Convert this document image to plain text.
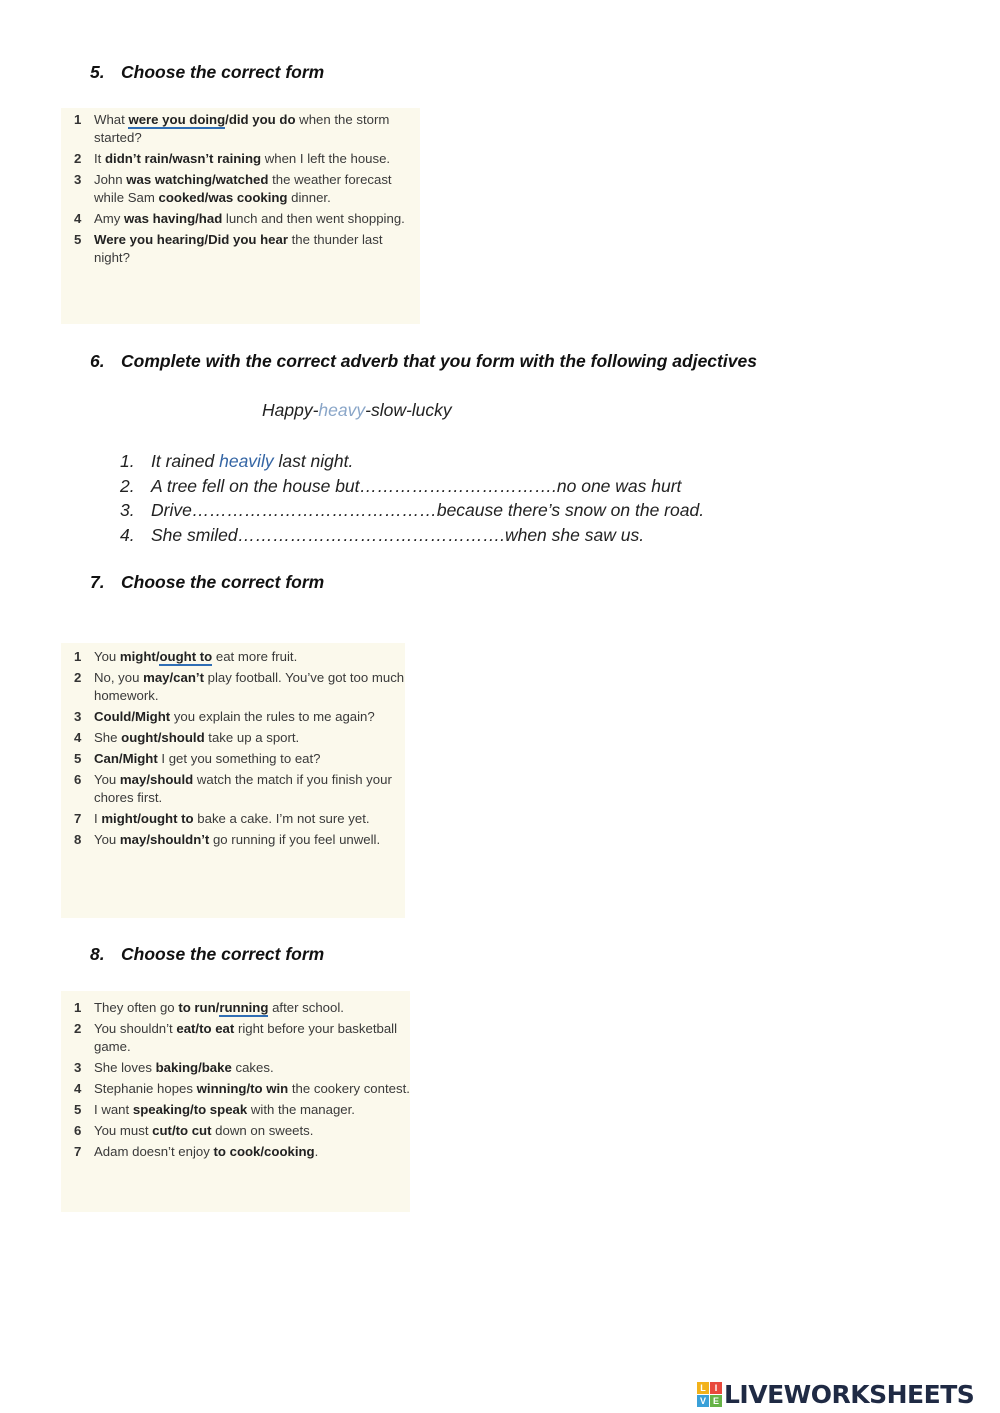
5. Choose the correct form
1 What were you doing/did you do when the storm started?
2 It didn’t rain/wasn’t raining when I left the house.
3 John was watching/watched the weather forecast while Sam cooked/was cooking dinner.
4 Amy was having/had lunch and then went shopping.
5 Were you hearing/Did you hear the thunder last night?
6. Complete with the correct adverb that you form with the following adjectives
Happy-heavy-slow-lucky
1. It rained heavily last night.
2. A tree fell on the house but…………………………….no one was hurt
3. Drive……………………………………because there’s snow on the road.
4. She smiled……………………………………….when she saw us.
7. Choose the correct form
1 You might/ought to eat more fruit.
2 No, you may/can’t play football. You’ve got too much homework.
3 Could/Might you explain the rules to me again?
4 She ought/should take up a sport.
5 Can/Might I get you something to eat?
6 You may/should watch the match if you finish your chores first.
7 I might/ought to bake a cake. I’m not sure yet.
8 You may/shouldn’t go running if you feel unwell.
8. Choose the correct form
1 They often go to run/running after school.
2 You shouldn’t eat/to eat right before your basketball game.
3 She loves baking/bake cakes.
4 Stephanie hopes winning/to win the cookery contest.
5 I want speaking/to speak with the manager.
6 You must cut/to cut down on sweets.
7 Adam doesn’t enjoy to cook/cooking.
L I
V E LIVEWORKSHEETS
